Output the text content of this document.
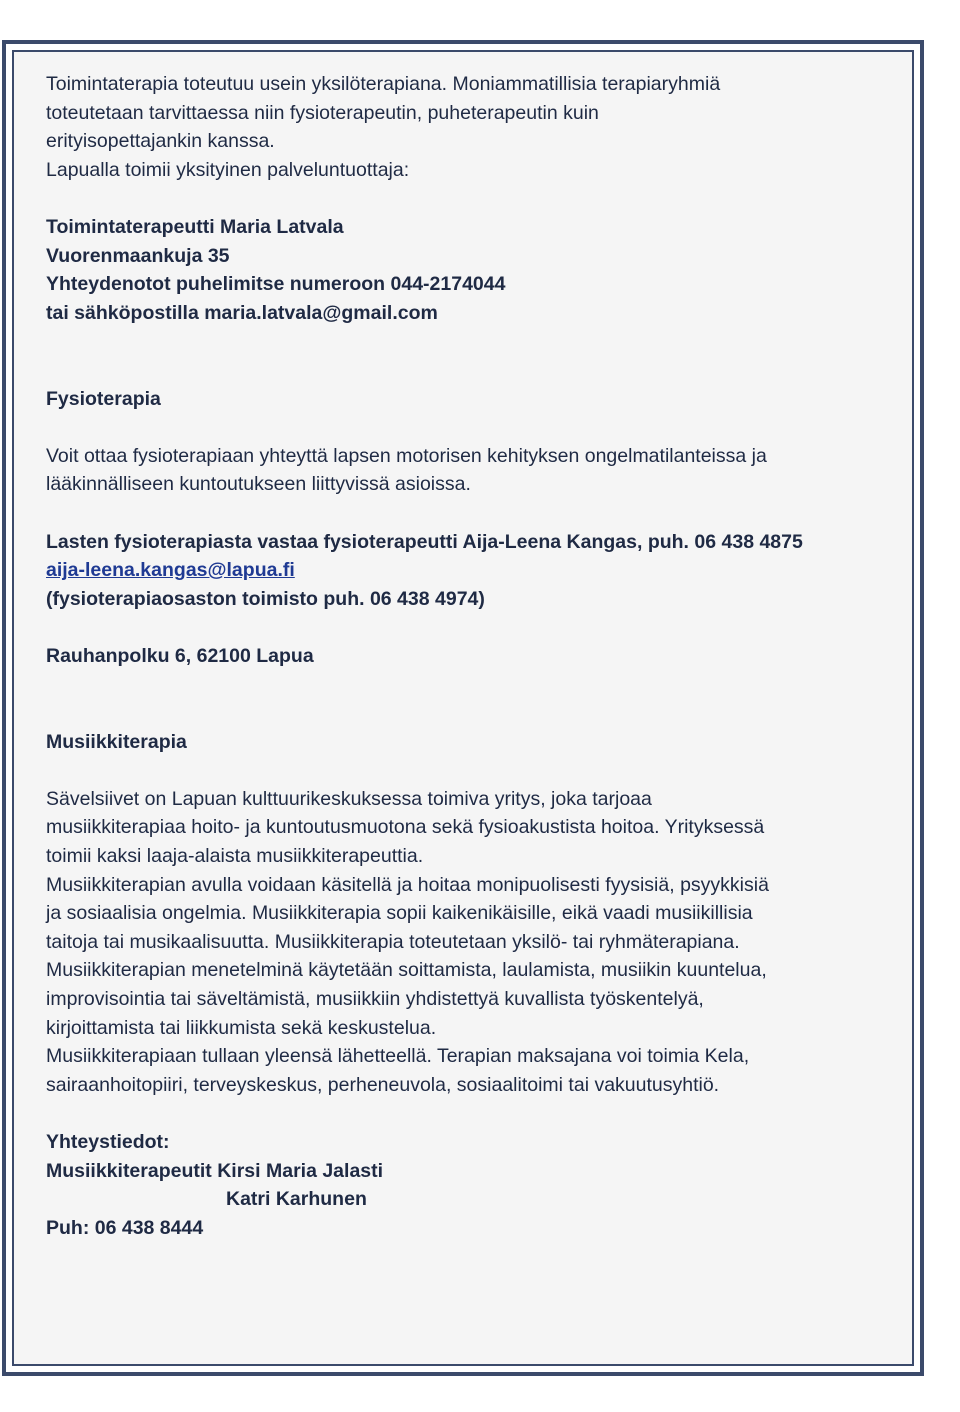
Toimintaterapia toteutuu usein yksilöterapiana. Moniammatillisia terapiaryhmiä
toteutetaan tarvittaessa niin fysioterapeutin, puheterapeutin kuin
erityisopettajankin kanssa.
Lapualla toimii yksityinen palveluntuottaja:
Toimintaterapeutti Maria Latvala
Vuorenmaankuja 35
Yhteydenotot puhelimitse numeroon 044-2174044
tai sähköpostilla maria.latvala@gmail.com
Fysioterapia
Voit ottaa fysioterapiaan yhteyttä lapsen motorisen kehityksen ongelmatilanteissa ja
lääkinnälliseen kuntoutukseen liittyvissä asioissa.
Lasten fysioterapiasta vastaa fysioterapeutti Aija-Leena Kangas, puh. 06 438 4875
aija-leena.kangas@lapua.fi
(fysioterapiaosaston toimisto puh. 06 438 4974)
Rauhanpolku 6, 62100 Lapua
Musiikkiterapia
Sävelsiivet on Lapuan kulttuurikeskuksessa toimiva yritys, joka tarjoaa
musiikkiterapiaa hoito- ja kuntoutusmuotona sekä fysioakustista hoitoa. Yrityksessä
toimii kaksi laaja-alaista musiikkiterapeuttia.
Musiikkiterapian avulla voidaan käsitellä ja hoitaa monipuolisesti fyysisiä, psyykkisiä
ja sosiaalisia ongelmia. Musiikkiterapia sopii kaikenikäisille, eikä vaadi musiikillisia
taitoja tai musikaalisuutta. Musiikkiterapia toteutetaan yksilö- tai ryhmäterapiana.
Musiikkiterapian menetelminä käytetään soittamista, laulamista, musiikin kuuntelua,
improvisointia tai säveltämistä, musiikkiin yhdistettyä kuvallista työskentelyä,
kirjoittamista tai liikkumista sekä keskustelua.
Musiikkiterapiaan tullaan yleensä lähetteellä. Terapian maksajana voi toimia Kela,
sairaanhoitopiiri, terveyskeskus, perheneuvola, sosiaalitoimi tai vakuutusyhtiö.
Yhteystiedot:
Musiikkiterapeutit Kirsi Maria Jalasti
Katri Karhunen
Puh: 06 438 8444
